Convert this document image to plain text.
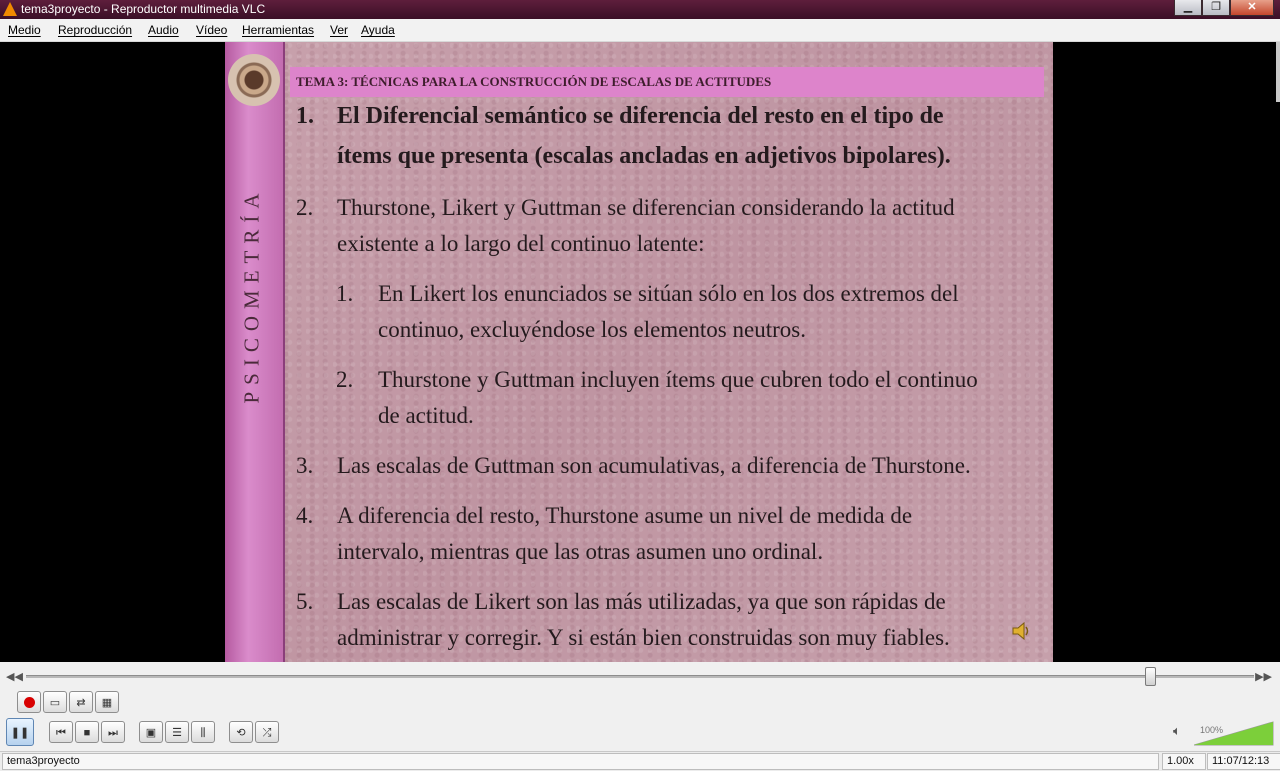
tema3proyecto - Reproductor multimedia VLC	▁	❐	✕
Medio Reproducción Audio Vídeo Herramientas Ver Ayuda
PSICOMETRÍA
TEMA 3: TÉCNICAS PARA LA CONSTRUCCIÓN DE ESCALAS DE ACTITUDES
1. El Diferencial semántico se diferencia del resto en el tipo de
ítems que presenta (escalas ancladas en adjetivos bipolares).
2. Thurstone, Likert y Guttman se diferencian considerando la actitud
existente a lo largo del continuo latente:
1. En Likert los enunciados se sitúan sólo en los dos extremos del
continuo, excluyéndose los elementos neutros.
2. Thurstone y Guttman incluyen ítems que cubren todo el continuo
de actitud.
3. Las escalas de Guttman son acumulativas, a diferencia de Thurstone.
4. A diferencia del resto, Thurstone asume un nivel de medida de
intervalo, mientras que las otras asumen uno ordinal.
5. Las escalas de Likert son las más utilizadas, ya que son rápidas de
administrar y corregir. Y si están bien construidas son muy fiables.
◀◀	▶▶
▭	⇄	▦
❚❚	⏮	■	⏭	▣	☰	⫼	⟲	⤮	🔈︎ 100%
tema3proyecto	1.00x	11:07/12:13
